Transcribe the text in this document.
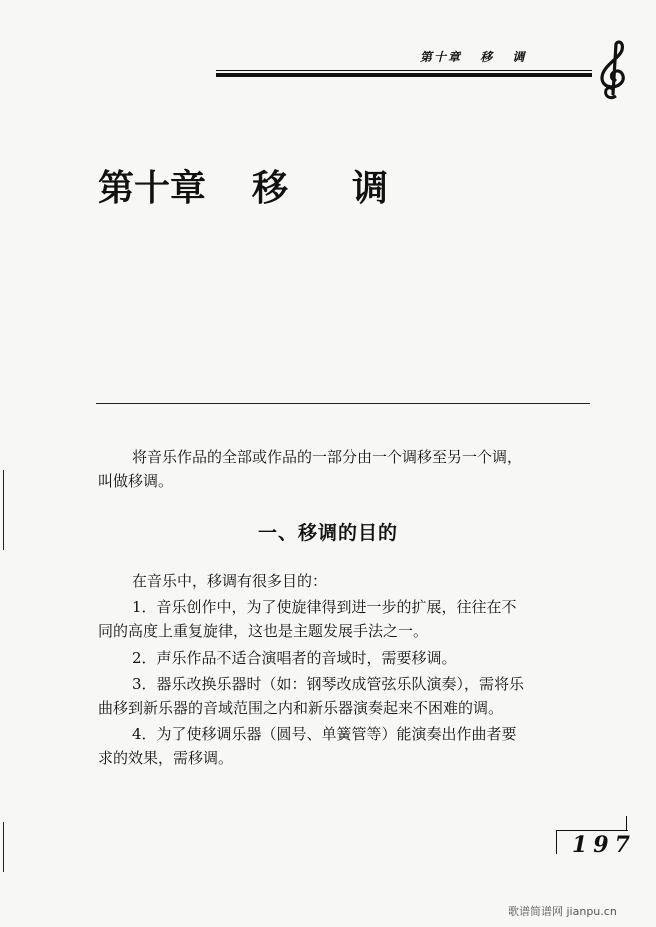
第十章 移 调
第十章 移 调
将音乐作品的全部或作品的一部分由一个调移至另一个调，
叫做移调。
一、移调的目的
在音乐中，移调有很多目的：
1．音乐创作中，为了使旋律得到进一步的扩展，往往在不
同的高度上重复旋律，这也是主题发展手法之一。
2．声乐作品不适合演唱者的音域时，需要移调。
3．器乐改换乐器时（如：钢琴改成管弦乐队演奏），需将乐
曲移到新乐器的音域范围之内和新乐器演奏起来不困难的调。
4．为了使移调乐器（圆号、单簧管等）能演奏出作曲者要
求的效果，需移调。
197
歌谱简谱网 jianpu.cn
